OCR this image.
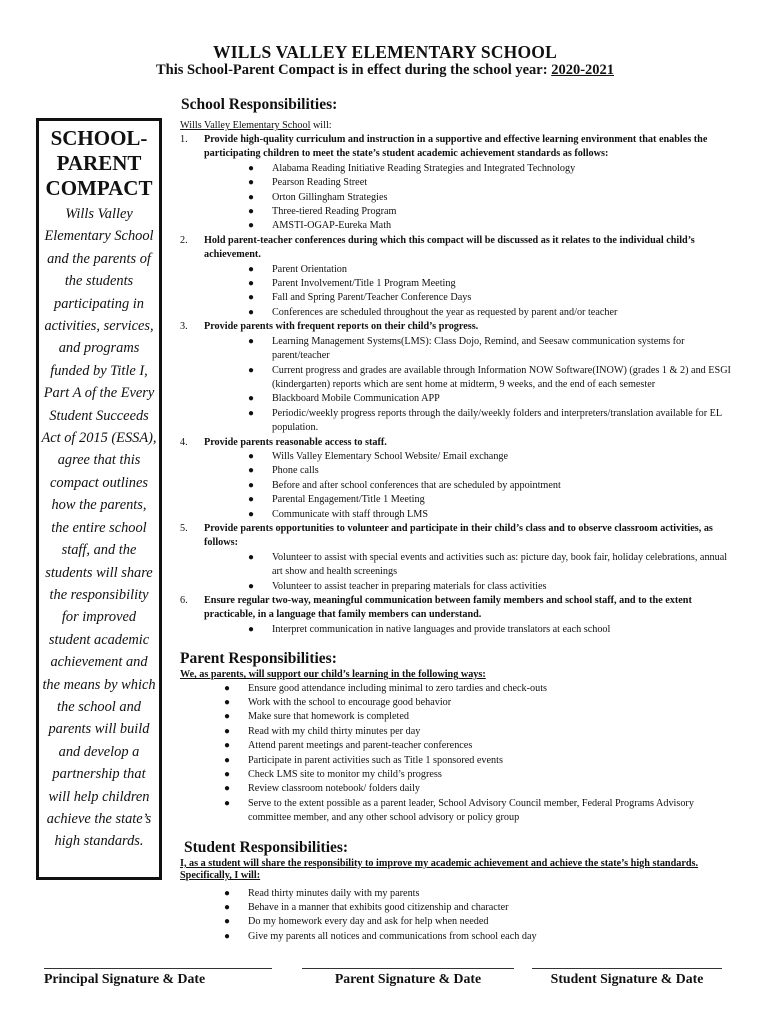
WILLS VALLEY ELEMENTARY SCHOOL
This School-Parent Compact is in effect during the school year: 2020-2021
SCHOOL-PARENT COMPACT
Wills Valley Elementary School and the parents of the students participating in activities, services, and programs funded by Title I, Part A of the Every Student Succeeds Act of 2015 (ESSA), agree that this compact outlines how the parents, the entire school staff, and the students will share the responsibility for improved student academic achievement and the means by which the school and parents will build and develop a partnership that will help children achieve the state’s high standards.
School Responsibilities:
Wills Valley Elementary School will:
1. Provide high-quality curriculum and instruction in a supportive and effective learning environment that enables the participating children to meet the state’s student academic achievement standards as follows:
● Alabama Reading Initiative Reading Strategies and Integrated Technology
● Pearson Reading Street
● Orton Gillingham Strategies
● Three-tiered Reading Program
● AMSTI-OGAP-Eureka Math
2. Hold parent-teacher conferences during which this compact will be discussed as it relates to the individual child’s achievement.
● Parent Orientation
● Parent Involvement/Title 1 Program Meeting
● Fall and Spring Parent/Teacher Conference Days
● Conferences are scheduled throughout the year as requested by parent and/or teacher
3. Provide parents with frequent reports on their child’s progress.
● Learning Management Systems(LMS): Class Dojo, Remind, and Seesaw communication systems for parent/teacher
● Current progress and grades are available through Information NOW Software(INOW) (grades 1 & 2) and ESGI (kindergarten) reports which are sent home at midterm, 9 weeks, and the end of each semester
● Blackboard Mobile Communication APP
● Periodic/weekly progress reports through the daily/weekly folders and interpreters/translation available for EL population.
4. Provide parents reasonable access to staff.
● Wills Valley Elementary School Website/ Email exchange
● Phone calls
● Before and after school conferences that are scheduled by appointment
● Parental Engagement/Title 1 Meeting
● Communicate with staff through LMS
5. Provide parents opportunities to volunteer and participate in their child’s class and to observe classroom activities, as follows:
● Volunteer to assist with special events and activities such as: picture day, book fair, holiday celebrations, annual art show and health screenings
● Volunteer to assist teacher in preparing materials for class activities
6. Ensure regular two-way, meaningful communication between family members and school staff, and to the extent practicable, in a language that family members can understand.
● Interpret communication in native languages and provide translators at each school
Parent Responsibilities:
We, as parents, will support our child’s learning in the following ways:
● Ensure good attendance including minimal to zero tardies and check-outs
● Work with the school to encourage good behavior
● Make sure that homework is completed
● Read with my child thirty minutes per day
● Attend parent meetings and parent-teacher conferences
● Participate in parent activities such as Title 1 sponsored events
● Check LMS site to monitor my child’s progress
● Review classroom notebook/ folders daily
● Serve to the extent possible as a parent leader, School Advisory Council member, Federal Programs Advisory committee member, and any other school advisory or policy group
Student Responsibilities:
I, as a student will share the responsibility to improve my academic achievement and achieve the state’s high standards. Specifically, I will:
● Read thirty minutes daily with my parents
● Behave in a manner that exhibits good citizenship and character
● Do my homework every day and ask for help when needed
● Give my parents all notices and communications from school each day
Principal Signature & Date	Parent Signature & Date	Student Signature & Date
